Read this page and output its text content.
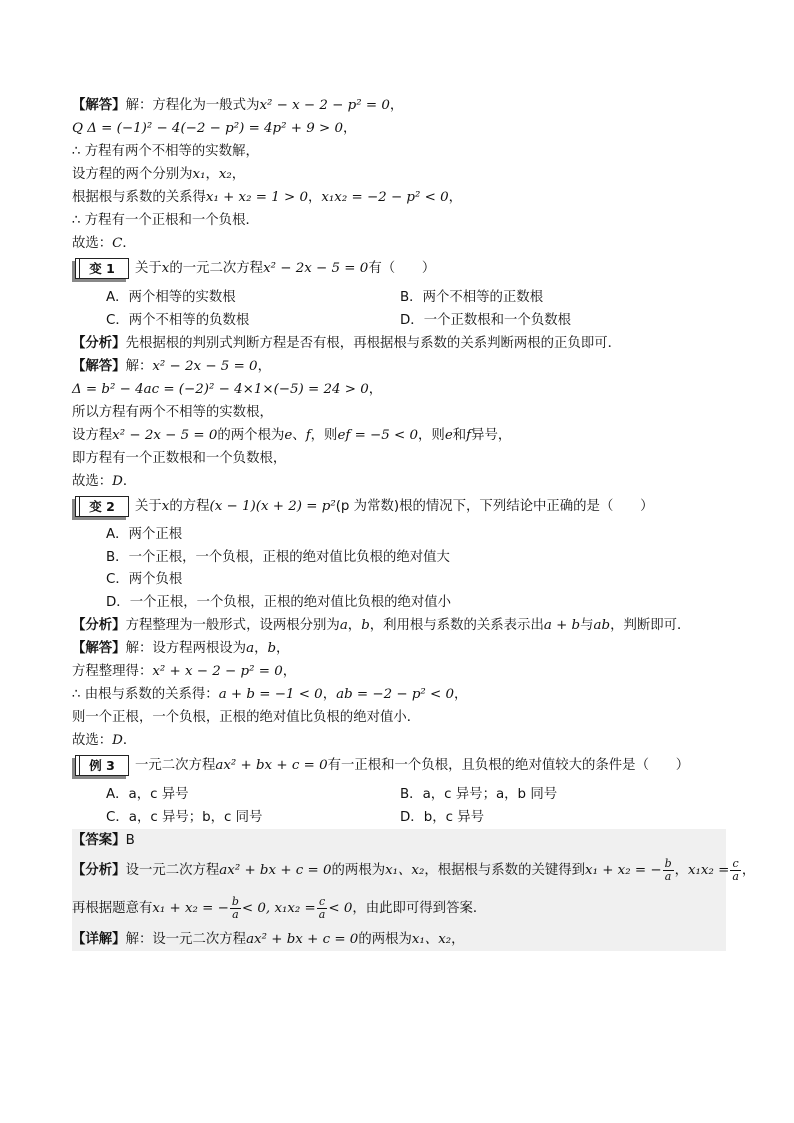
【解答】解：方程化为一般式为x² − x − 2 − p² = 0，
Q Δ = (−1)² − 4(−2 − p²) = 4p² + 9 > 0，
∴ 方程有两个不相等的实数解，
设方程的两个分别为x₁，x₂，
根据根与系数的关系得x₁ + x₂ = 1 > 0，x₁x₂ = −2 − p² < 0，
∴ 方程有一个正根和一个负根．
故选：C．
变 1 关于x的一元二次方程x² − 2x − 5 = 0有（　　）
A．两个相等的实数根	B．两个不相等的正数根
C．两个不相等的负数根	D．一个正数根和一个负数根
【分析】先根据根的判别式判断方程是否有根，再根据根与系数的关系判断两根的正负即可．
【解答】解：x² − 2x − 5 = 0，
Δ = b² − 4ac = (−2)² − 4×1×(−5) = 24 > 0，
所以方程有两个不相等的实数根，
设方程x² − 2x − 5 = 0的两个根为e、f，则ef = −5 < 0，则e和f异号，
即方程有一个正数根和一个负数根，
故选：D．
变 2 关于x的方程(x − 1)(x + 2) = p²(p 为常数)根的情况下，下列结论中正确的是（　　）
A．两个正根
B．一个正根，一个负根，正根的绝对值比负根的绝对值大
C．两个负根
D．一个正根，一个负根，正根的绝对值比负根的绝对值小
【分析】方程整理为一般形式，设两根分别为a，b，利用根与系数的关系表示出a + b与ab，判断即可．
【解答】解：设方程两根设为a，b，
方程整理得：x² + x − 2 − p² = 0，
∴ 由根与系数的关系得：a + b = −1 < 0，ab = −2 − p² < 0，
则一个正根，一个负根，正根的绝对值比负根的绝对值小．
故选：D．
例 3 一元二次方程ax² + bx + c = 0有一正根和一个负根，且负根的绝对值较大的条件是（　　）
A．a，c 异号	B．a，c 异号；a，b 同号
C．a，c 异号；b，c 同号	D．b，c 异号
【答案】B
【分析】设一元二次方程ax² + bx + c = 0的两根为x₁、x₂，根据根与系数的关键得到x₁ + x₂ = − $\frac{b}{a}$ ，$x_1x_2 = \frac{c}{a}$ ，
再根据题意有x₁ + x₂ = − $\frac{b}{a} < 0$, $x_1x_2 = \frac{c}{a} < 0$，由此即可得到答案．
【详解】解：设一元二次方程ax² + bx + c = 0的两根为x₁、x₂，
